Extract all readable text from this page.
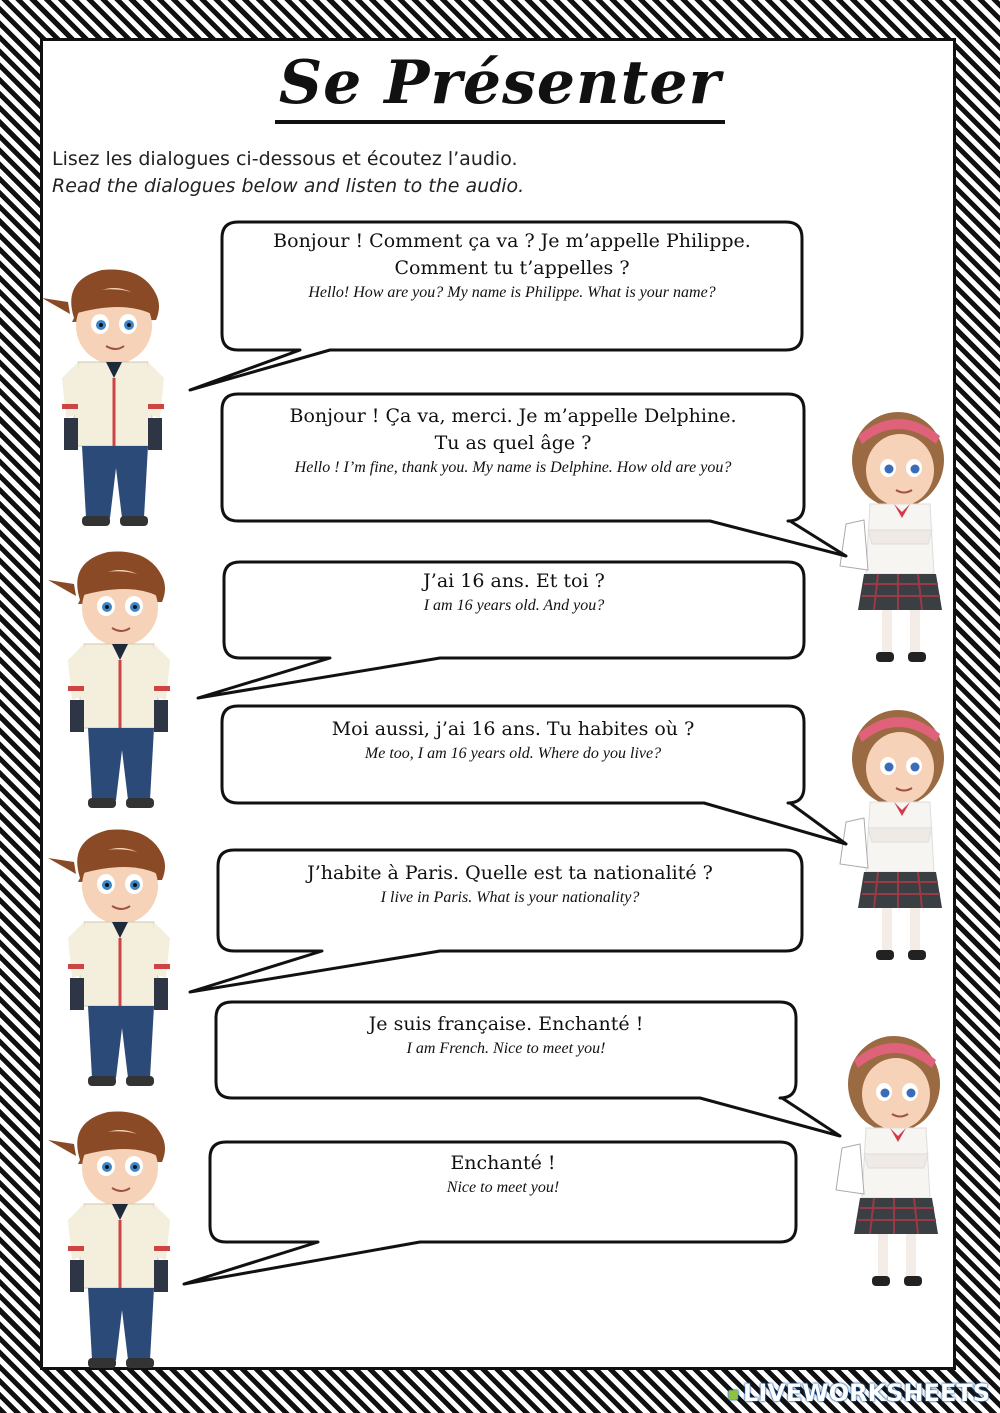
Se Présenter
Lisez les dialogues ci-dessous et écoutez l’audio.
Read the dialogues below and listen to the audio.
Bonjour ! Comment ça va ? Je m’appelle Philippe.
Comment tu t’appelles ?
Hello! How are you? My name is Philippe. What is your name?
Bonjour ! Ça va, merci. Je m’appelle Delphine.
Tu as quel âge ?
Hello ! I’m fine, thank you. My name is Delphine. How old are you?
J’ai 16 ans. Et toi ?
I am 16 years old. And you?
Moi aussi, j’ai 16 ans. Tu habites où ?
Me too, I am 16 years old. Where do you live?
J’habite à Paris. Quelle est ta nationalité ?
I live in Paris. What is your nationality?
Je suis française. Enchanté !
I am French. Nice to meet you!
Enchanté !
Nice to meet you!
■ LIVEWORKSHEETS
